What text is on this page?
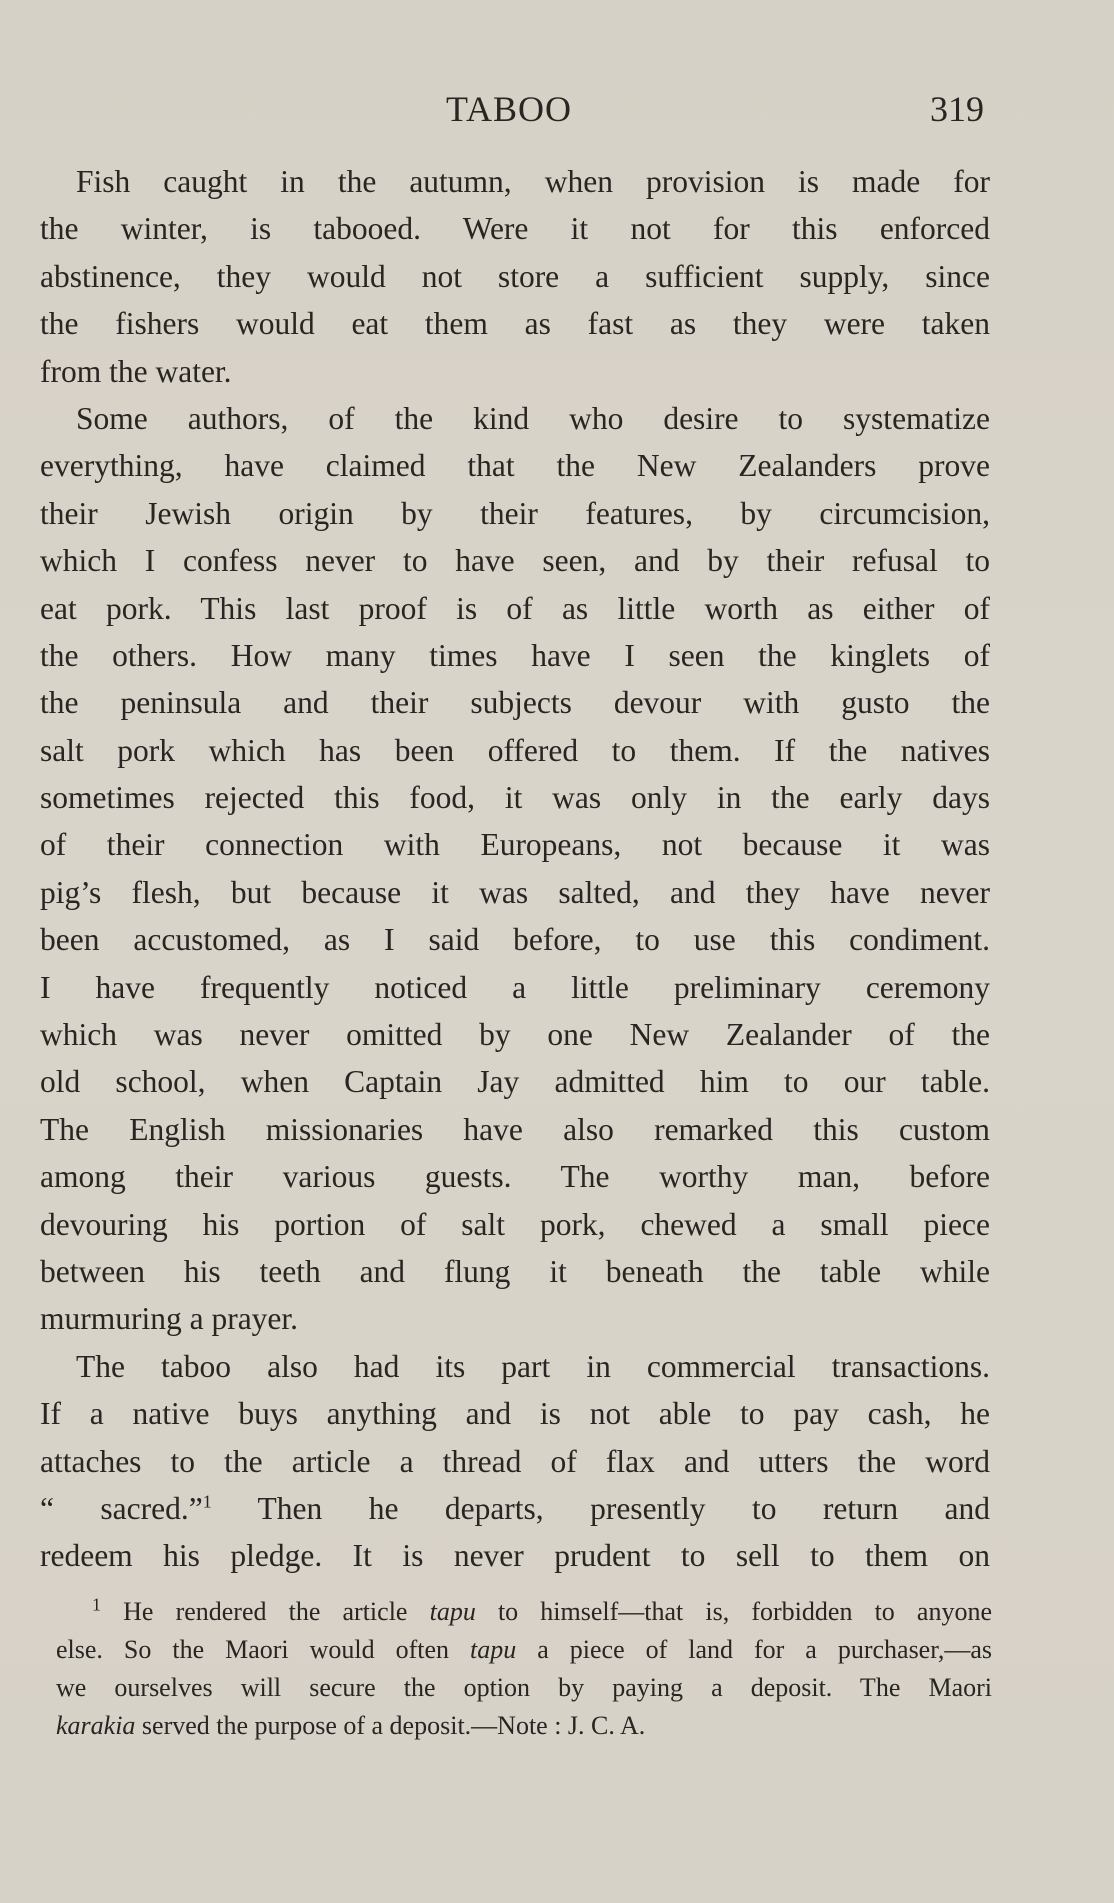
TABOO	319
Fish caught in the autumn, when provision is made for
the winter, is tabooed. Were it not for this enforced
abstinence, they would not store a sufficient supply, since
the fishers would eat them as fast as they were taken
from the water.
Some authors, of the kind who desire to systematize
everything, have claimed that the New Zealanders prove
their Jewish origin by their features, by circumcision,
which I confess never to have seen, and by their refusal to
eat pork. This last proof is of as little worth as either of
the others. How many times have I seen the kinglets of
the peninsula and their subjects devour with gusto the
salt pork which has been offered to them. If the natives
sometimes rejected this food, it was only in the early days
of their connection with Europeans, not because it was
pig’s flesh, but because it was salted, and they have never
been accustomed, as I said before, to use this condiment.
I have frequently noticed a little preliminary ceremony
which was never omitted by one New Zealander of the
old school, when Captain Jay admitted him to our table.
The English missionaries have also remarked this custom
among their various guests. The worthy man, before
devouring his portion of salt pork, chewed a small piece
between his teeth and flung it beneath the table while
murmuring a prayer.
The taboo also had its part in commercial transactions.
If a native buys anything and is not able to pay cash, he
attaches to the article a thread of flax and utters the word
“ sacred.”$^1$ Then he departs, presently to return and
redeem his pledge. It is never prudent to sell to them on
$^1$ He rendered the article tapu to himself—that is, forbidden to anyone
else. So the Maori would often tapu a piece of land for a purchaser,—as
we ourselves will secure the option by paying a deposit. The Maori
karakia served the purpose of a deposit.—Note : J. C. A.
